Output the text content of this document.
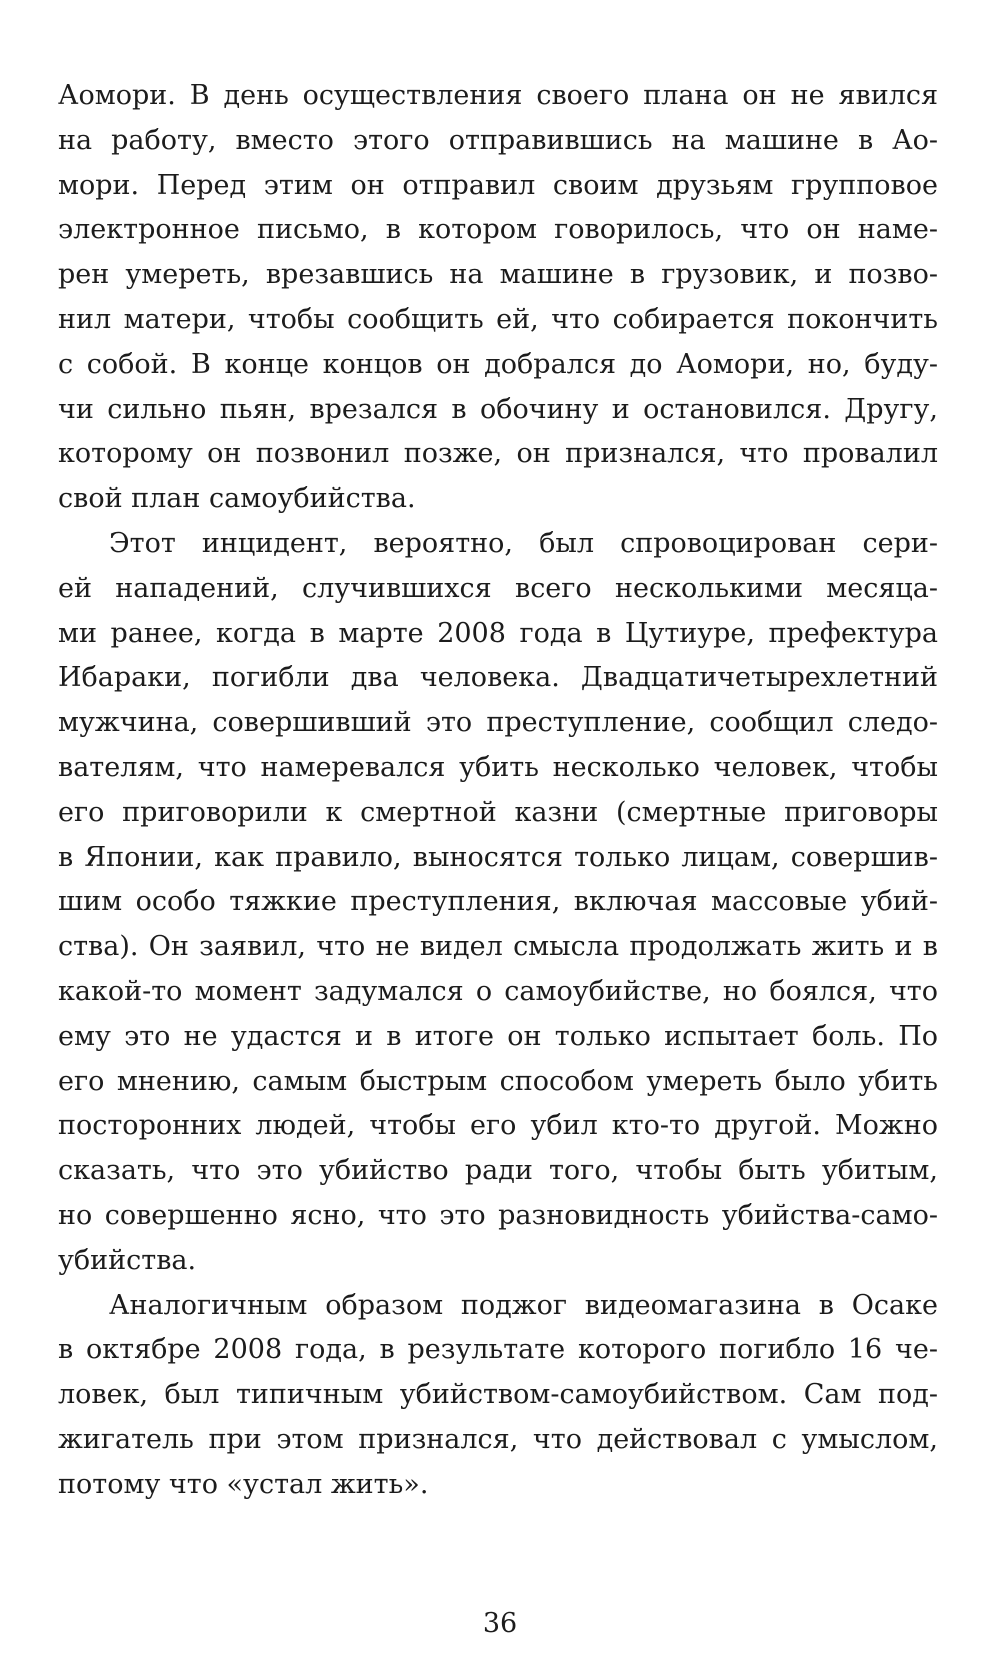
Аомори. В день осуществления своего плана он не явился
на работу, вместо этого отправившись на машине в Ао-
мори. Перед этим он отправил своим друзьям групповое
электронное письмо, в котором говорилось, что он наме-
рен умереть, врезавшись на машине в грузовик, и позво-
нил матери, чтобы сообщить ей, что собирается покончить
с собой. В конце концов он добрался до Аомори, но, буду-
чи сильно пьян, врезался в обочину и остановился. Другу,
которому он позвонил позже, он признался, что провалил
свой план самоубийства.
Этот инцидент, вероятно, был спровоцирован сери-
ей нападений, случившихся всего несколькими месяца-
ми ранее, когда в марте 2008 года в Цутиуре, префектура
Ибараки, погибли два человека. Двадцатичетырехлетний
мужчина, совершивший это преступление, сообщил следо-
вателям, что намеревался убить несколько человек, чтобы
его приговорили к смертной казни (смертные приговоры
в Японии, как правило, выносятся только лицам, совершив-
шим особо тяжкие преступления, включая массовые убий-
ства). Он заявил, что не видел смысла продолжать жить и в
какой-то момент задумался о самоубийстве, но боялся, что
ему это не удастся и в итоге он только испытает боль. По
его мнению, самым быстрым способом умереть было убить
посторонних людей, чтобы его убил кто-то другой. Можно
сказать, что это убийство ради того, чтобы быть убитым,
но совершенно ясно, что это разновидность убийства-само-
убийства.
Аналогичным образом поджог видеомагазина в Осаке
в октябре 2008 года, в результате которого погибло 16 че-
ловек, был типичным убийством-самоубийством. Сам под-
жигатель при этом признался, что действовал с умыслом,
потому что «устал жить».
36
